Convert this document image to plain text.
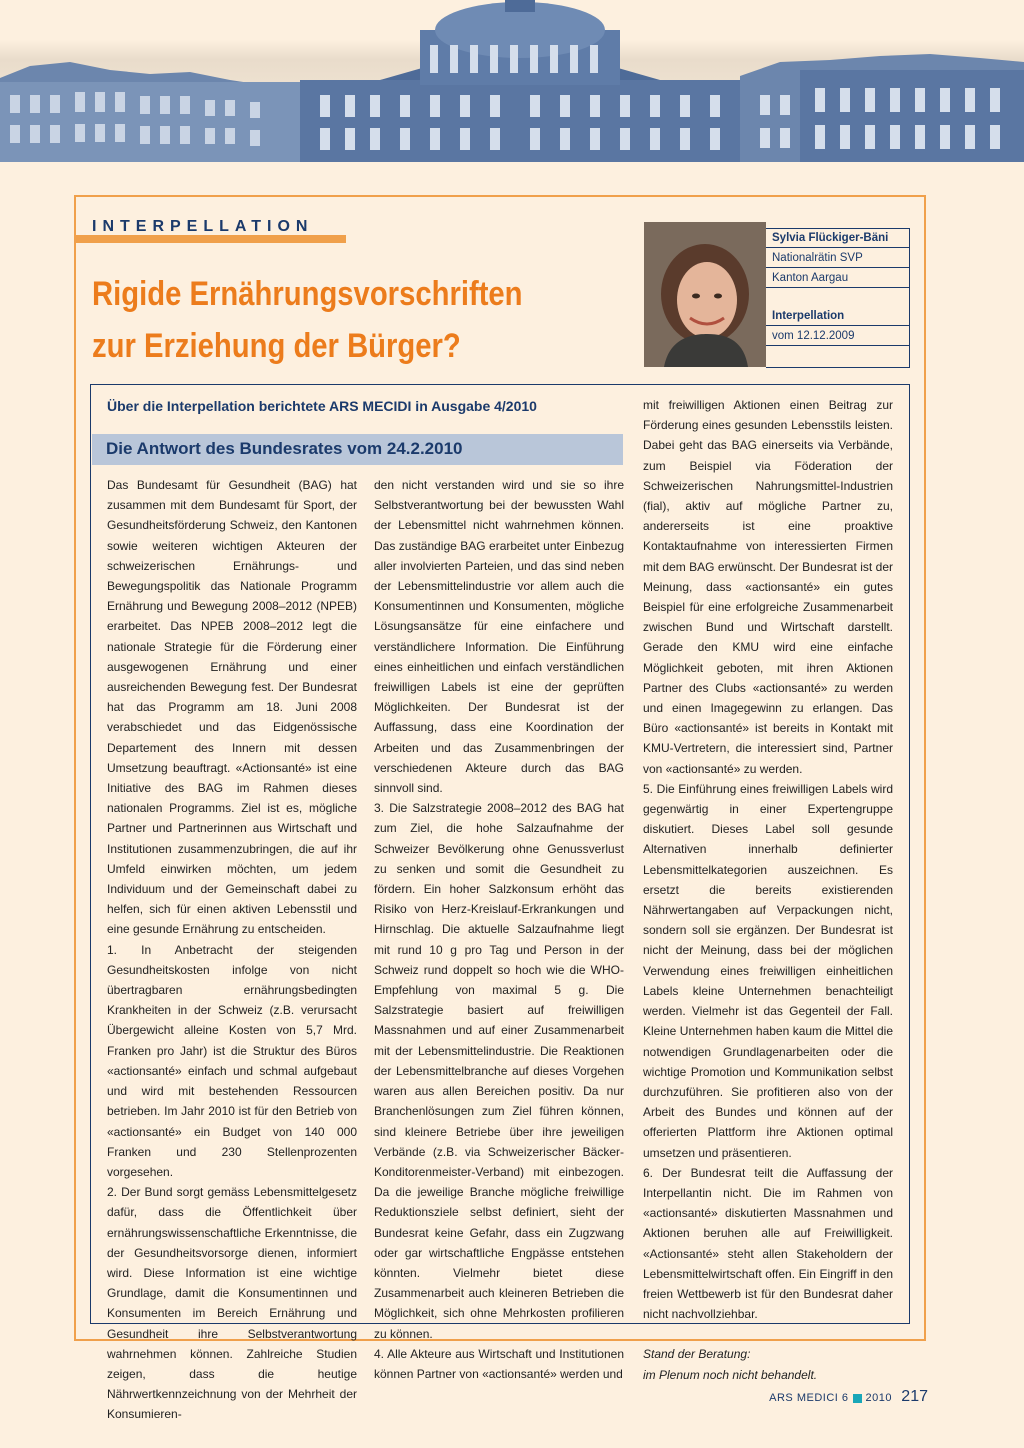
INTERPELLATION
Rigide Ernährungsvorschriften
zur Erziehung der Bürger?
Sylvia Flückiger-Bäni
Nationalrätin SVP
Kanton Aargau
Interpellation
vom 12.12.2009
Über die Interpellation berichtete ARS MECIDI in Ausgabe 4/2010
Die Antwort des Bundesrates vom 24.2.2010

Das Bundesamt für Gesundheit (BAG) hat zusammen mit dem Bundesamt für Sport, der Gesundheitsförderung Schweiz, den Kantonen sowie weiteren wichtigen Akteuren der schweizerischen Ernährungs- und Bewegungspolitik das Nationale Programm Ernährung und Bewegung 2008–2012 (NPEB) erarbeitet. Das NPEB 2008–2012 legt die nationale Strategie für die Förderung einer ausgewogenen Ernährung und einer ausreichenden Bewegung fest. Der Bundesrat hat das Programm am 18. Juni 2008 verabschiedet und das Eidgenössische Departement des Innern mit dessen Umsetzung beauftragt. «Actionsanté» ist eine Initiative des BAG im Rahmen dieses nationalen Programms. Ziel ist es, mögliche Partner und Partnerinnen aus Wirtschaft und Institutionen zusammenzubringen, die auf ihr Umfeld einwirken möchten, um jedem Individuum und der Gemeinschaft dabei zu helfen, sich für einen aktiven Lebensstil und eine gesunde Ernährung zu entscheiden.

1. In Anbetracht der steigenden Gesundheitskosten infolge von nicht übertragbaren ernährungsbedingten Krankheiten in der Schweiz (z.B. verursacht Übergewicht alleine Kosten von 5,7 Mrd. Franken pro Jahr) ist die Struktur des Büros «actionsanté» einfach und schmal aufgebaut und wird mit bestehenden Ressourcen betrieben. Im Jahr 2010 ist für den Betrieb von «actionsanté» ein Budget von 140 000 Franken und 230 Stellenprozenten vorgesehen.

2. Der Bund sorgt gemäss Lebensmittelgesetz dafür, dass die Öffentlichkeit über ernährungswissenschaftliche Erkenntnisse, die der Gesundheitsvorsorge dienen, informiert wird. Diese Information ist eine wichtige Grundlage, damit die Konsumentinnen und Konsumenten im Bereich Ernährung und Gesundheit ihre Selbstverantwortung wahrnehmen können. Zahlreiche Studien zeigen, dass die heutige Nährwertkennzeichnung von der Mehrheit der Konsumieren-

den nicht verstanden wird und sie so ihre Selbstverantwortung bei der bewussten Wahl der Lebensmittel nicht wahrnehmen können. Das zuständige BAG erarbeitet unter Einbezug aller involvierten Parteien, und das sind neben der Lebensmittelindustrie vor allem auch die Konsumentinnen und Konsumenten, mögliche Lösungsansätze für eine einfachere und verständlichere Information. Die Einführung eines einheitlichen und einfach verständlichen freiwilligen Labels ist eine der geprüften Möglichkeiten. Der Bundesrat ist der Auffassung, dass eine Koordination der Arbeiten und das Zusammenbringen der verschiedenen Akteure durch das BAG sinnvoll sind.

3. Die Salzstrategie 2008–2012 des BAG hat zum Ziel, die hohe Salzaufnahme der Schweizer Bevölkerung ohne Genussverlust zu senken und somit die Gesundheit zu fördern. Ein hoher Salzkonsum erhöht das Risiko von Herz-Kreislauf-Erkrankungen und Hirnschlag. Die aktuelle Salzaufnahme liegt mit rund 10 g pro Tag und Person in der Schweiz rund doppelt so hoch wie die WHO-Empfehlung von maximal 5 g. Die Salzstrategie basiert auf freiwilligen Massnahmen und auf einer Zusammenarbeit mit der Lebensmittelindustrie. Die Reaktionen der Lebensmittelbranche auf dieses Vorgehen waren aus allen Bereichen positiv. Da nur Branchenlösungen zum Ziel führen können, sind kleinere Betriebe über ihre jeweiligen Verbände (z.B. via Schweizerischer Bäcker-Konditorenmeister-Verband) mit einbezogen. Da die jeweilige Branche mögliche freiwillige Reduktionsziele selbst definiert, sieht der Bundesrat keine Gefahr, dass ein Zugzwang oder gar wirtschaftliche Engpässe entstehen könnten. Vielmehr bietet diese Zusammenarbeit auch kleineren Betrieben die Möglichkeit, sich ohne Mehrkosten profilieren zu können.

4. Alle Akteure aus Wirtschaft und Institutionen können Partner von «actionsanté» werden und

mit freiwilligen Aktionen einen Beitrag zur Förderung eines gesunden Lebensstils leisten. Dabei geht das BAG einerseits via Verbände, zum Beispiel via Föderation der Schweizerischen Nahrungsmittel-Industrien (fial), aktiv auf mögliche Partner zu, andererseits ist eine proaktive Kontaktaufnahme von interessierten Firmen mit dem BAG erwünscht. Der Bundesrat ist der Meinung, dass «actionsanté» ein gutes Beispiel für eine erfolgreiche Zusammenarbeit zwischen Bund und Wirtschaft darstellt. Gerade den KMU wird eine einfache Möglichkeit geboten, mit ihren Aktionen Partner des Clubs «actionsanté» zu werden und einen Imagegewinn zu erlangen. Das Büro «actionsanté» ist bereits in Kontakt mit KMU-Vertretern, die interessiert sind, Partner von «actionsanté» zu werden.

5. Die Einführung eines freiwilligen Labels wird gegenwärtig in einer Expertengruppe diskutiert. Dieses Label soll gesunde Alternativen innerhalb definierter Lebensmittelkategorien auszeichnen. Es ersetzt die bereits existierenden Nährwertangaben auf Verpackungen nicht, sondern soll sie ergänzen. Der Bundesrat ist nicht der Meinung, dass bei der möglichen Verwendung eines freiwilligen einheitlichen Labels kleine Unternehmen benachteiligt werden. Vielmehr ist das Gegenteil der Fall. Kleine Unternehmen haben kaum die Mittel die notwendigen Grundlagenarbeiten oder die wichtige Promotion und Kommunikation selbst durchzuführen. Sie profitieren also von der Arbeit des Bundes und können auf der offerierten Plattform ihre Aktionen optimal umsetzen und präsentieren.

6. Der Bundesrat teilt die Auffassung der Interpellantin nicht. Die im Rahmen von «actionsanté» diskutierten Massnahmen und Aktionen beruhen alle auf Freiwilligkeit. «Actionsanté» steht allen Stakeholdern der Lebensmittelwirtschaft offen. Ein Eingriff in den freien Wettbewerb ist für den Bundesrat daher nicht nachvollziehbar.

Stand der Beratung:

im Plenum noch nicht behandelt.

ARS MEDICI 6 2010 217
